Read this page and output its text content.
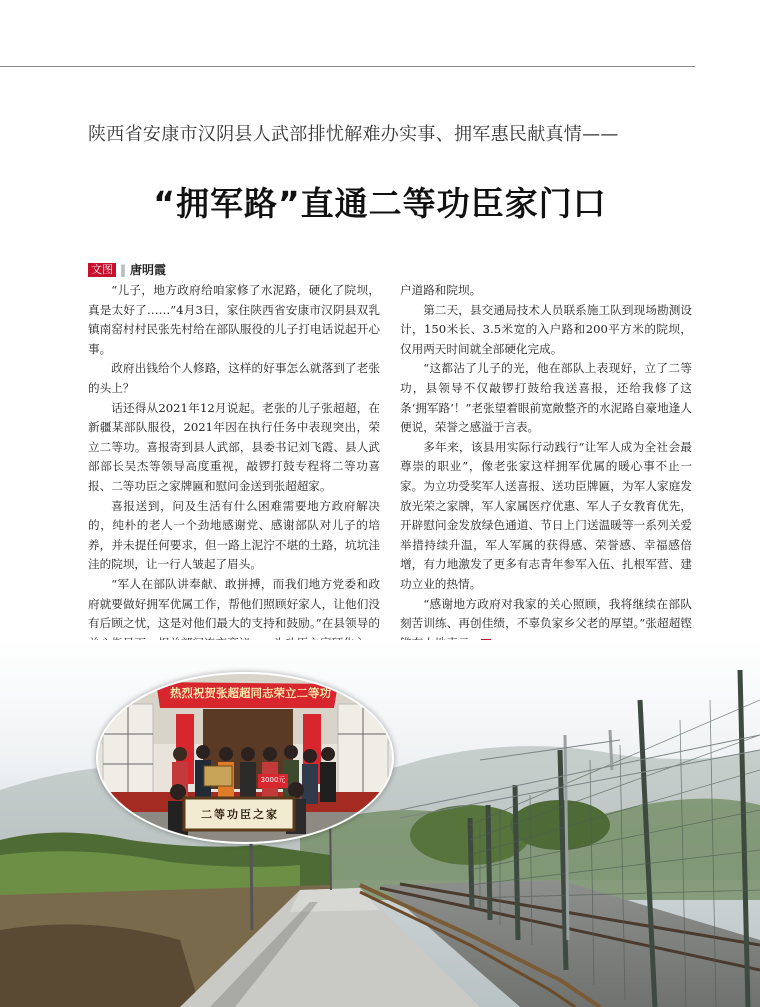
陕西省安康市汉阴县人武部排忧解难办实事、拥军惠民献真情——
“拥军路”直通二等功臣家门口
文图 ‖ 唐明霞

“儿子，地方政府给咱家修了水泥路，硬化了院坝，真是太好了……”4月3日，家住陕西省安康市汉阴县双乳镇南窑村村民张先村给在部队服役的儿子打电话说起开心事。

政府出钱给个人修路，这样的好事怎么就落到了老张的头上？

话还得从2021年12月说起。老张的儿子张超超，在新疆某部队服役，2021年因在执行任务中表现突出，荣立二等功。喜报寄到县人武部，县委书记刘飞霞、县人武部部长吴杰等领导高度重视，敲锣打鼓专程将二等功喜报、二等功臣之家牌匾和慰问金送到张超超家。

喜报送到，问及生活有什么困难需要地方政府解决的，纯朴的老人一个劲地感谢党、感谢部队对儿子的培养，并未提任何要求，但一路上泥泞不堪的土路，坑坑洼洼的院坝，让一行人皱起了眉头。

“军人在部队讲奉献、敢拼搏，而我们地方党委和政府就要做好拥军优属工作，帮他们照顾好家人，让他们没有后顾之忧，这是对他们最大的支持和鼓励。”在县领导的

户道路和院坝。

第二天，县交通局技术人员联系施工队到现场勘测设计，150米长、3.5米宽的入户路和200平方米的院坝，仅用两天时间就全部硬化完成。

“这都沾了儿子的光，他在部队上表现好，立了二等功，县领导不仅敲锣打鼓给我送喜报，还给我修了这条‘拥军路’！”老张望着眼前宽敞整齐的水泥路自豪地逢人便说，荣誉之感溢于言表。

多年来，该县用实际行动践行“让军人成为全社会最尊崇的职业”，像老张家这样拥军优属的暖心事不止一家。为立功受奖军人送喜报、送功臣牌匾，为军人家庭发放光荣之家牌，军人家属医疗优惠、军人子女教育优先，开辟慰问金发放绿色通道、节日上门送温暖等一系列关爱举措持续升温，军人军属的获得感、荣誉感、幸福感倍增，有力地激发了更多有志青年参军入伍、扎根军营、建功立业的热情。

“感谢地方政府对我家的关心照顾，我将继续在部队刻苦训练、再创佳绩，不辜负家乡父老的厚望。”张超超铿

热烈祝贺张超超同志荣立二等功
3000元
二等功臣之家
